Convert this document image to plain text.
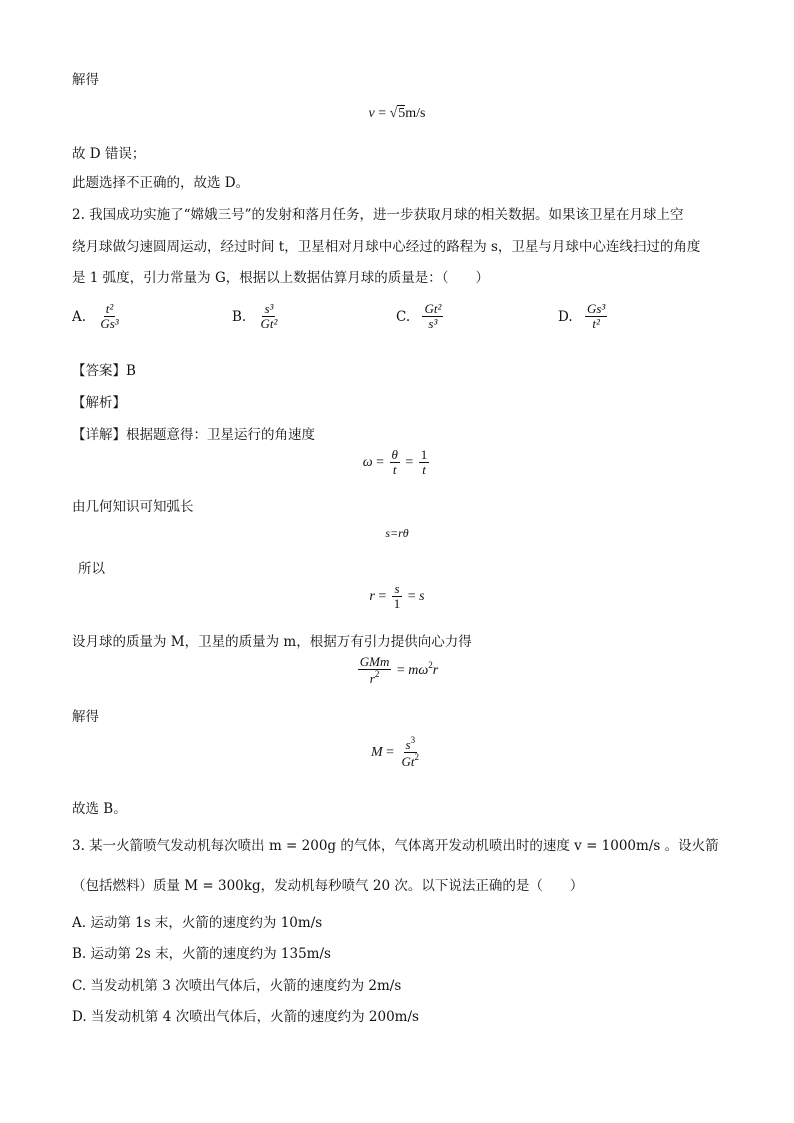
解得
v = √5m/s
故 D 错误；
此题选择不正确的，故选 D。
2. 我国成功实施了“嫦娥三号”的发射和落月任务，进一步获取月球的相关数据。如果该卫星在月球上空
绕月球做匀速圆周运动，经过时间 t，卫星相对月球中心经过的路程为 s，卫星与月球中心连线扫过的角度
是 1 弧度，引力常量为 G，根据以上数据估算月球的质量是：（　　）
A. $\frac{\text{t²}}{\text{Gs³}}$	B. $\frac{\text{s³}}{\text{Gt²}}$	C. $\frac{\text{Gt²}}{\text{s³}}$	D. $\frac{\text{Gs³}}{\text{t²}}$
【答案】B
【解析】
【详解】根据题意得：卫星运行的角速度
$\omega = \frac{\theta}{t} = \frac{1}{t}$
由几何知识可知弧长
s=rθ
所以
$r = \frac{s}{1} = s$
设月球的质量为 M，卫星的质量为 m，根据万有引力提供向心力得
$\frac{\text{GMm}}{r^2} = m\omega^2r$
解得
$M = \frac{s^3}{Gt^2}$
故选 B。
3. 某一火箭喷气发动机每次喷出 m = 200g 的气体，气体离开发动机喷出时的速度 v = 1000m/s 。设火箭
（包括燃料）质量 M = 300kg，发动机每秒喷气 20 次。以下说法正确的是（　　）
A. 运动第 1s 末，火箭的速度约为 10m/s
B. 运动第 2s 末，火箭的速度约为 135m/s
C. 当发动机第 3 次喷出气体后，火箭的速度约为 2m/s
D. 当发动机第 4 次喷出气体后，火箭的速度约为 200m/s
